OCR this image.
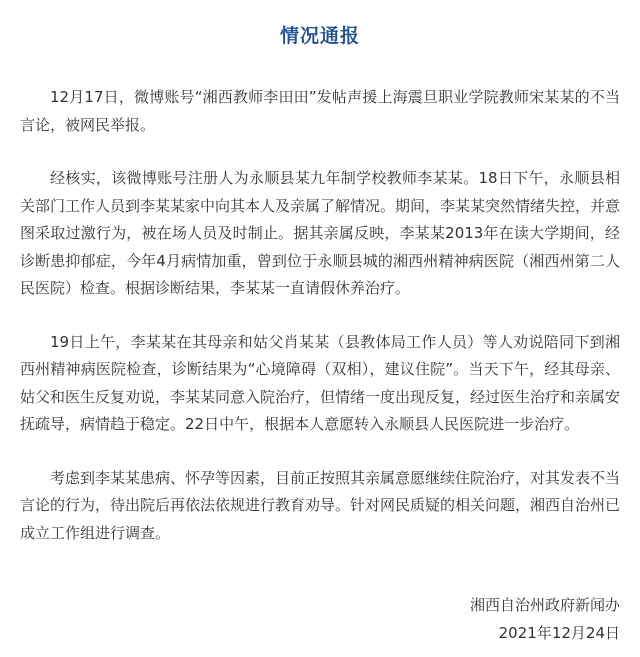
情况通报

12月17日，微博账号“湘西教师李田田”发帖声援上海震旦职业学院教师宋某某的不当言论，被网民举报。

经核实，该微博账号注册人为永顺县某九年制学校教师李某某。18日下午，永顺县相关部门工作人员到李某某家中向其本人及亲属了解情况。期间，李某某突然情绪失控，并意图采取过激行为，被在场人员及时制止。据其亲属反映，李某某2013年在读大学期间，经诊断患抑郁症，今年4月病情加重，曾到位于永顺县城的湘西州精神病医院（湘西州第二人民医院）检查。根据诊断结果，李某某一直请假休养治疗。

19日上午，李某某在其母亲和姑父肖某某（县教体局工作人员）等人劝说陪同下到湘西州精神病医院检查，诊断结果为“心境障碍（双相），建议住院”。当天下午，经其母亲、姑父和医生反复劝说，李某某同意入院治疗，但情绪一度出现反复，经过医生治疗和亲属安抚疏导，病情趋于稳定。22日中午，根据本人意愿转入永顺县人民医院进一步治疗。

考虑到李某某患病、怀孕等因素，目前正按照其亲属意愿继续住院治疗，对其发表不当言论的行为，待出院后再依法依规进行教育劝导。针对网民质疑的相关问题，湘西自治州已成立工作组进行调查。

湘西自治州政府新闻办
2021年12月24日
